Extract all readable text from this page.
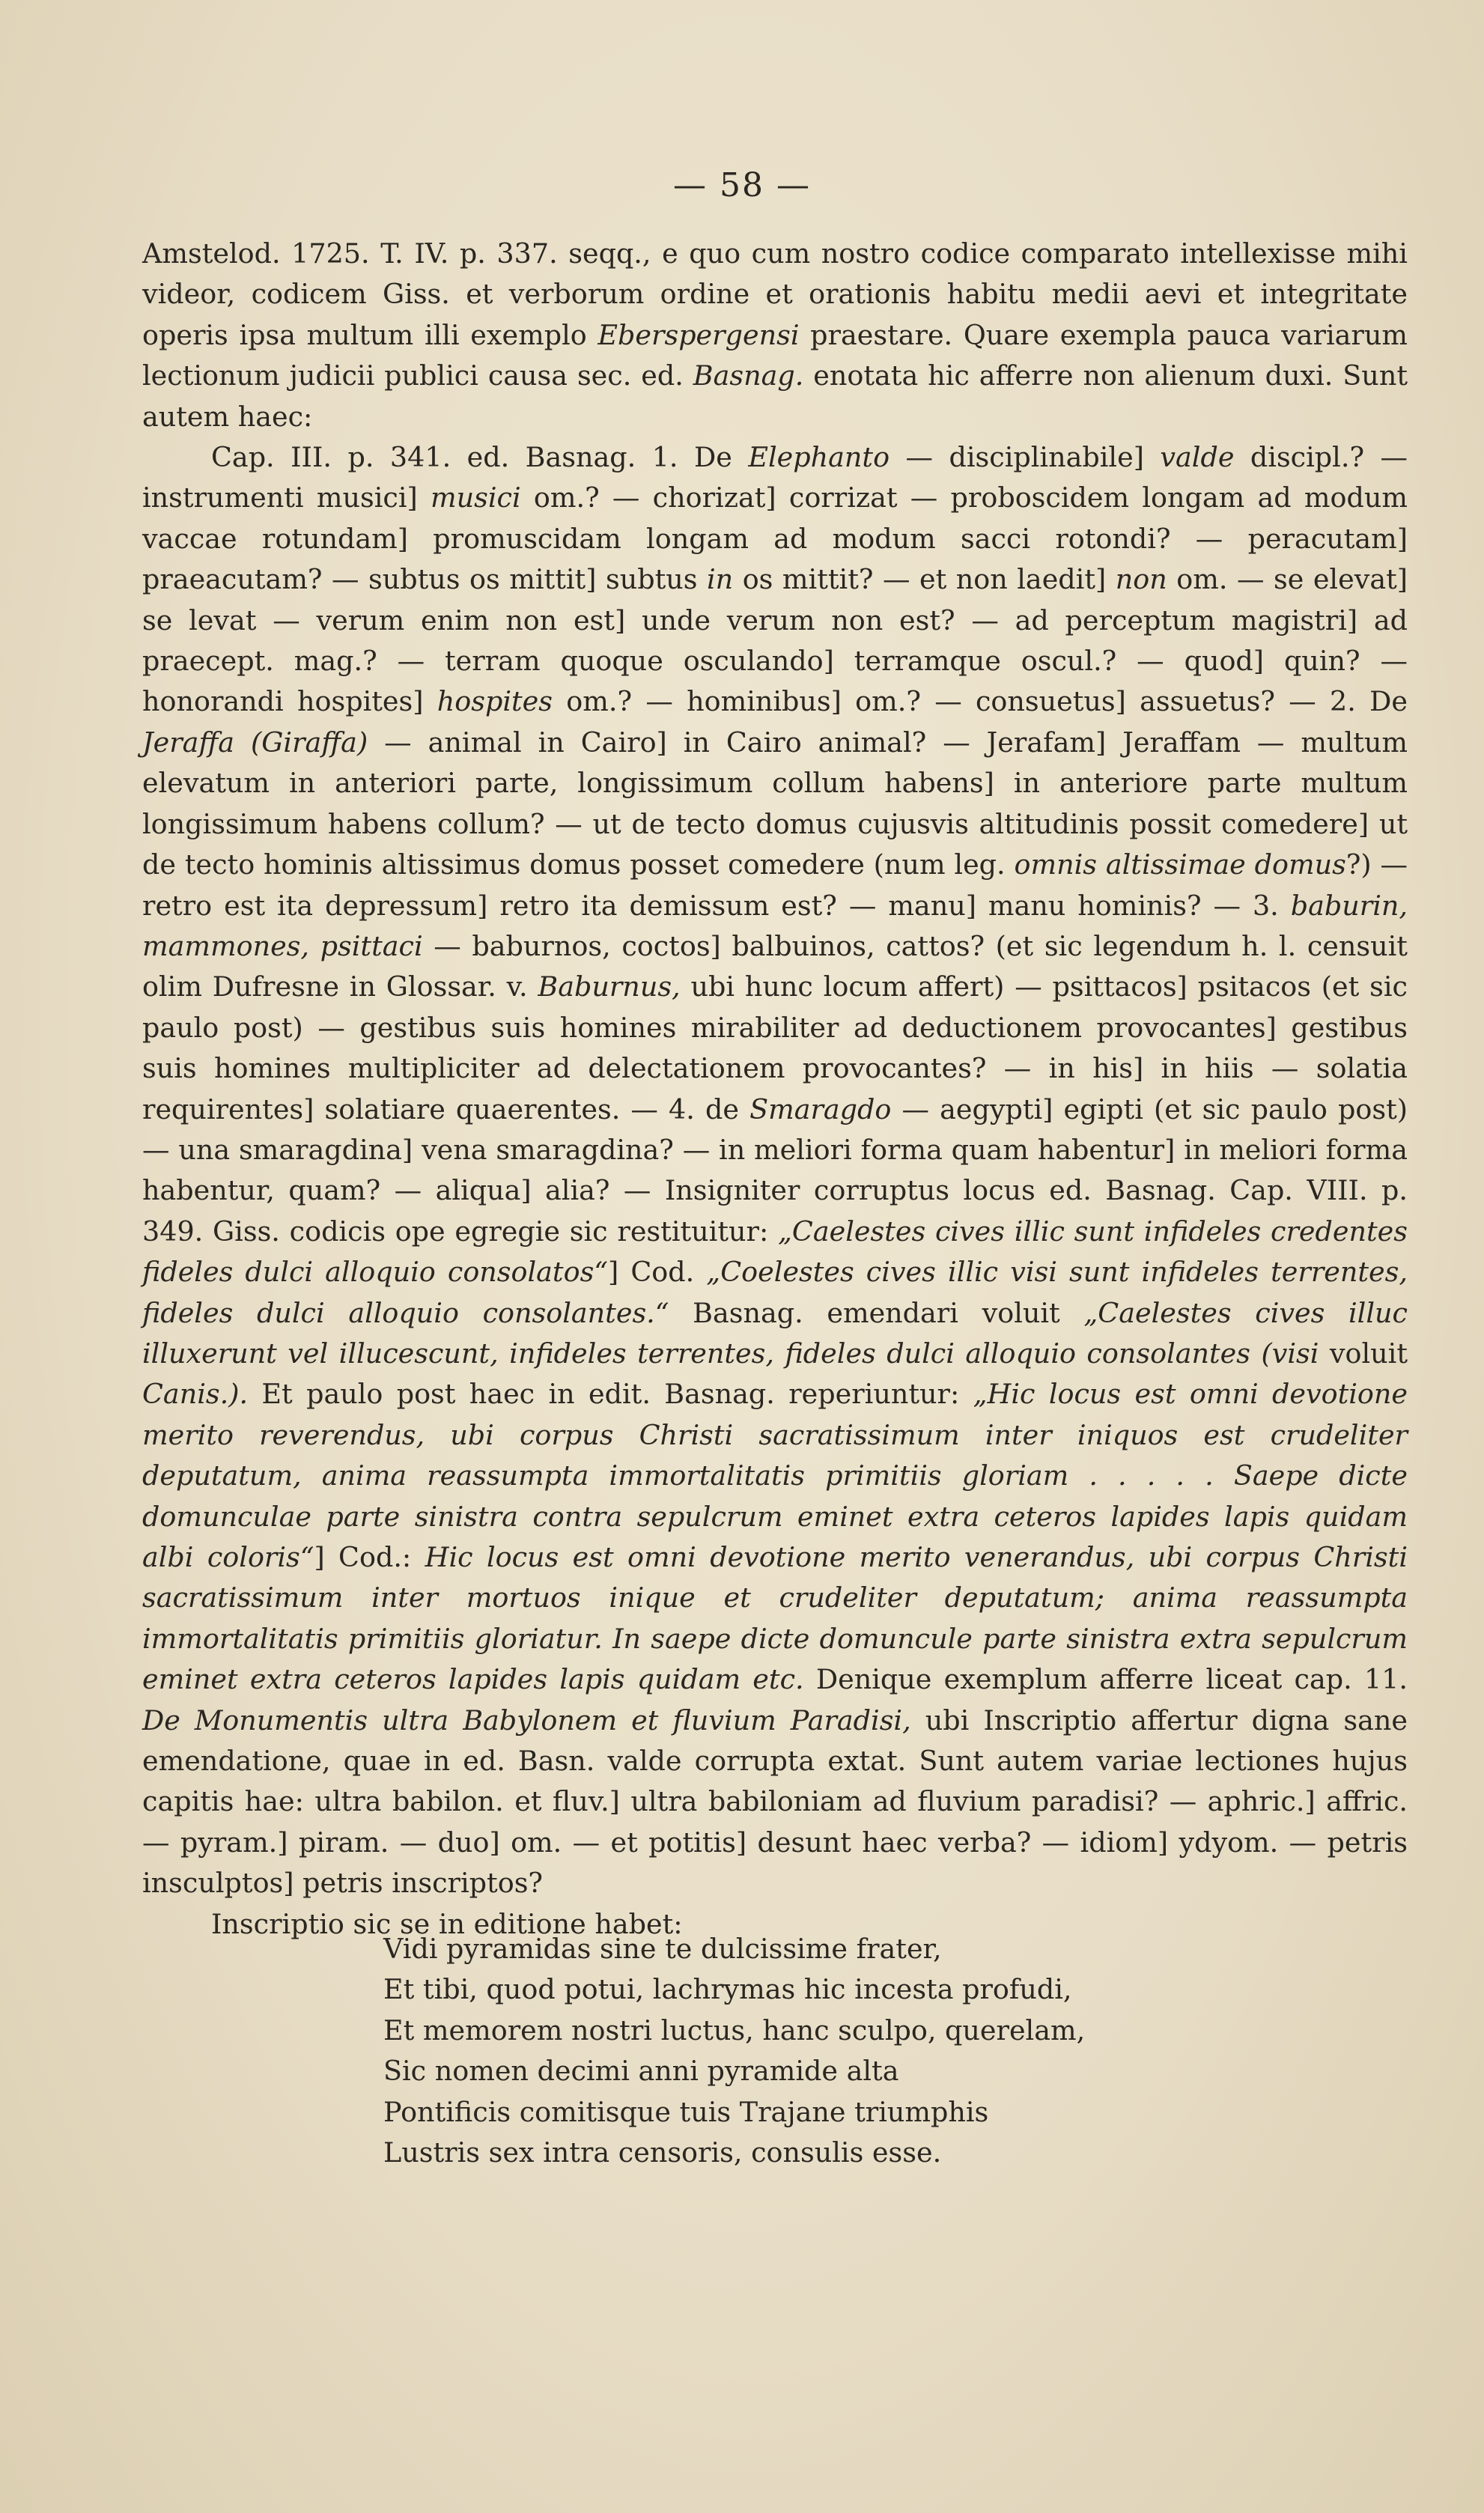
— 58 —

Amstelod. 1725. T. IV. p. 337. seqq., e quo cum nostro codice comparato intellexisse mihi videor, codicem Giss. et verborum ordine et orationis habitu medii aevi et integritate operis ipsa multum illi exemplo Eberspergensi praestare. Quare exempla pauca variarum lectionum judicii publici causa sec. ed. Basnag. enotata hic afferre non alienum duxi. Sunt autem haec:

Cap. III. p. 341. ed. Basnag. 1. De Elephanto — disciplinabile] valde discipl.? — instrumenti musici] musici om.? — chorizat] corrizat — proboscidem longam ad modum vaccae rotundam] promuscidam longam ad modum sacci rotondi? — peracutam] praeacutam? — subtus os mittit] subtus in os mittit? — et non laedit] non om. — se elevat] se levat — verum enim non est] unde verum non est? — ad perceptum magistri] ad praecept. mag.? — terram quoque osculando] terramque oscul.? — quod] quin? — honorandi hospites] hospites om.? — hominibus] om.? — consuetus] assuetus? — 2. De Jeraffa (Giraffa) — animal in Cairo] in Cairo animal? — Jerafam] Jeraffam — multum elevatum in anteriori parte, longissimum collum habens] in anteriore parte multum longissimum habens collum? — ut de tecto domus cujusvis altitudinis possit comedere] ut de tecto hominis altissimus domus posset comedere (num leg. omnis altissimae domus?) — retro est ita depressum] retro ita demissum est? — manu] manu hominis? — 3. baburin, mammones, psittaci — baburnos, coctos] balbuinos, cattos? (et sic legendum h. l. censuit olim Dufresne in Glossar. v. Baburnus, ubi hunc locum affert) — psittacos] psitacos (et sic paulo post) — gestibus suis homines mirabiliter ad deductionem provocantes] gestibus suis homines multipliciter ad delectationem provocantes? — in his] in hiis — solatia requirentes] solatiare quaerentes. — 4. de Smaragdo — aegypti] egipti (et sic paulo post) — una smaragdina] vena smaragdina? — in meliori forma quam habentur] in meliori forma habentur, quam? — aliqua] alia? — Insigniter corruptus locus ed. Basnag. Cap. VIII. p. 349. Giss. codicis ope egregie sic restituitur: „Caelestes cives illic sunt infideles credentes fideles dulci alloquio consolatos“] Cod. „Coelestes cives illic visi sunt infideles terrentes, fideles dulci alloquio consolantes.“ Basnag. emendari voluit „Caelestes cives illuc illuxerunt vel illucescunt, infideles terrentes, fideles dulci alloquio consolantes (visi voluit Canis.). Et paulo post haec in edit. Basnag. reperiuntur: „Hic locus est omni devotione merito reverendus, ubi corpus Christi sacratissimum inter iniquos est crudeliter deputatum, anima reassumpta immortalitatis primitiis gloriam . . . . . Saepe dicte domunculae parte sinistra contra sepulcrum eminet extra ceteros lapides lapis quidam albi coloris“] Cod.: Hic locus est omni devotione merito venerandus, ubi corpus Christi sacratissimum inter mortuos inique et crudeliter deputatum; anima reassumpta immortalitatis primitiis gloriatur. In saepe dicte domuncule parte sinistra extra sepulcrum eminet extra ceteros lapides lapis quidam etc. Denique exemplum afferre liceat cap. 11. De Monumentis ultra Babylonem et fluvium Paradisi, ubi Inscriptio affertur digna sane emendatione, quae in ed. Basn. valde corrupta extat. Sunt autem variae lectiones hujus capitis hae: ultra babilon. et fluv.] ultra babiloniam ad fluvium paradisi? — aphric.] affric. — pyram.] piram. — duo] om. — et potitis] desunt haec verba? — idiom] ydyom. — petris insculptos] petris inscriptos?

Inscriptio sic se in editione habet:

Vidi pyramidas sine te dulcissime frater,
Et tibi, quod potui, lachrymas hic incesta profudi,
Et memorem nostri luctus, hanc sculpo, querelam,
Sic nomen decimi anni pyramide alta
Pontificis comitisque tuis Trajane triumphis
Lustris sex intra censoris, consulis esse.
